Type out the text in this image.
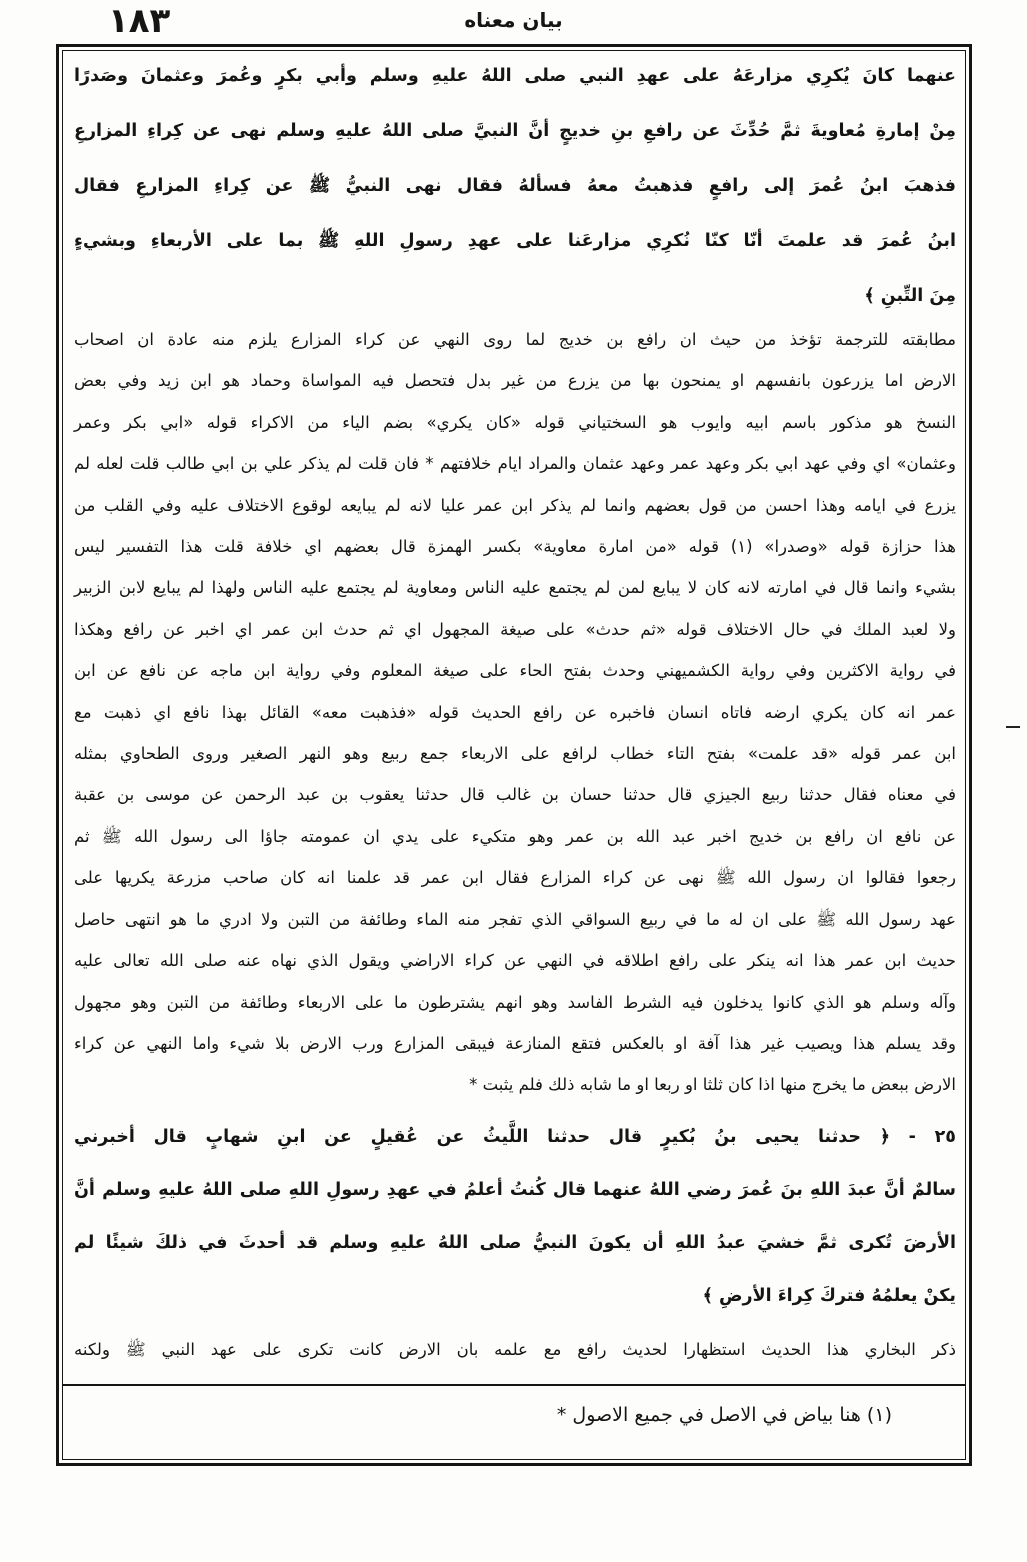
١٨٣	بيان معناه
عنهما كانَ يُكرِي مزارعَهُ على عهدِ النبي صلى اللهُ عليهِ وسلم وأبي بكرٍ وعُمرَ وعثمانَ وصَدرًا
مِنْ إمارةِ مُعاويةَ ثمَّ حُدِّثَ عن رافعِ بنِ خديجٍ أنَّ النبيَّ صلى اللهُ عليهِ وسلم نهى عن كِراءِ المزارعِ
فذهبَ ابنُ عُمرَ إلى رافعٍ فذهبتُ معهُ فسألهُ فقال نهى النبيُّ ﷺ عن كِراءِ المزارعِ فقال
ابنُ عُمرَ قد علمتَ أنّا كنّا نُكرِي مزارعَنا على عهدِ رسولِ اللهِ ﷺ بما على الأربعاءِ وبشيءٍ
مِنَ التِّبنِ ﴾
مطابقته للترجمة تؤخذ من حيث ان رافع بن خديج لما روى النهي عن كراء المزارع يلزم منه عادة ان اصحاب
الارض اما يزرعون بانفسهم او يمنحون بها من يزرع من غير بدل فتحصل فيه المواساة وحماد هو ابن زيد وفي بعض
النسخ هو مذكور باسم ابيه وايوب هو السختياني قوله «كان يكري» بضم الياء من الاكراء قوله «ابي بكر وعمر
وعثمان» اي وفي عهد ابي بكر وعهد عمر وعهد عثمان والمراد ايام خلافتهم * فان قلت لم يذكر علي بن ابي طالب قلت لعله لم
يزرع في ايامه وهذا احسن من قول بعضهم وانما لم يذكر ابن عمر عليا لانه لم يبايعه لوقوع الاختلاف عليه وفي القلب من
هذا حزازة قوله «وصدرا» (١) قوله «من امارة معاوية» بكسر الهمزة قال بعضهم اي خلافة قلت هذا التفسير ليس
بشيء وانما قال في امارته لانه كان لا يبايع لمن لم يجتمع عليه الناس ومعاوية لم يجتمع عليه الناس ولهذا لم يبايع لابن الزبير
ولا لعبد الملك في حال الاختلاف قوله «ثم حدث» على صيغة المجهول اي ثم حدث ابن عمر اي اخبر عن رافع وهكذا
في رواية الاكثرين وفي رواية الكشميهني وحدث بفتح الحاء على صيغة المعلوم وفي رواية ابن ماجه عن نافع عن ابن
عمر انه كان يكري ارضه فاتاه انسان فاخبره عن رافع الحديث قوله «فذهبت معه» القائل بهذا نافع اي ذهبت مع
ابن عمر قوله «قد علمت» بفتح التاء خطاب لرافع على الاربعاء جمع ربيع وهو النهر الصغير وروى الطحاوي بمثله
في معناه فقال حدثنا ربيع الجيزي قال حدثنا حسان بن غالب قال حدثنا يعقوب بن عبد الرحمن عن موسى بن عقبة
عن نافع ان رافع بن خديج اخبر عبد الله بن عمر وهو متكيء على يدي ان عمومته جاؤا الى رسول الله ﷺ ثم
رجعوا فقالوا ان رسول الله ﷺ نهى عن كراء المزارع فقال ابن عمر قد علمنا انه كان صاحب مزرعة يكريها على
عهد رسول الله ﷺ على ان له ما في ربيع السواقي الذي تفجر منه الماء وطائفة من التبن ولا ادري ما هو انتهى حاصل
حديث ابن عمر هذا انه ينكر على رافع اطلاقه في النهي عن كراء الاراضي ويقول الذي نهاه عنه صلى الله تعالى عليه
وآله وسلم هو الذي كانوا يدخلون فيه الشرط الفاسد وهو انهم يشترطون ما على الاربعاء وطائفة من التبن وهو مجهول
وقد يسلم هذا ويصيب غير هذا آفة او بالعكس فتقع المنازعة فيبقى المزارع ورب الارض بلا شيء واما النهي عن كراء
الارض ببعض ما يخرج منها اذا كان ثلثا او ربعا او ما شابه ذلك فلم يثبت *
٢٥ - ﴿ حدثنا يحيى بنُ بُكيرٍ قال حدثنا اللَّيثُ عن عُقيلٍ عن ابنِ شهابٍ قال أخبرني
سالمٌ أنَّ عبدَ اللهِ بنَ عُمرَ رضي اللهُ عنهما قال كُنتُ أعلمُ في عهدِ رسولِ اللهِ صلى اللهُ عليهِ وسلم أنَّ
الأرضَ تُكرى ثمَّ خشيَ عبدُ اللهِ أن يكونَ النبيُّ صلى اللهُ عليهِ وسلم قد أحدثَ في ذلكَ شيئًا لم
يكنْ يعلمُهُ فتركَ كِراءَ الأرضِ ﴾
ذكر البخاري هذا الحديث استظهارا لحديث رافع مع علمه بان الارض كانت تكرى على عهد النبي ﷺ ولكنه
(١) هنا بياض في الاصل في جميع الاصول *
